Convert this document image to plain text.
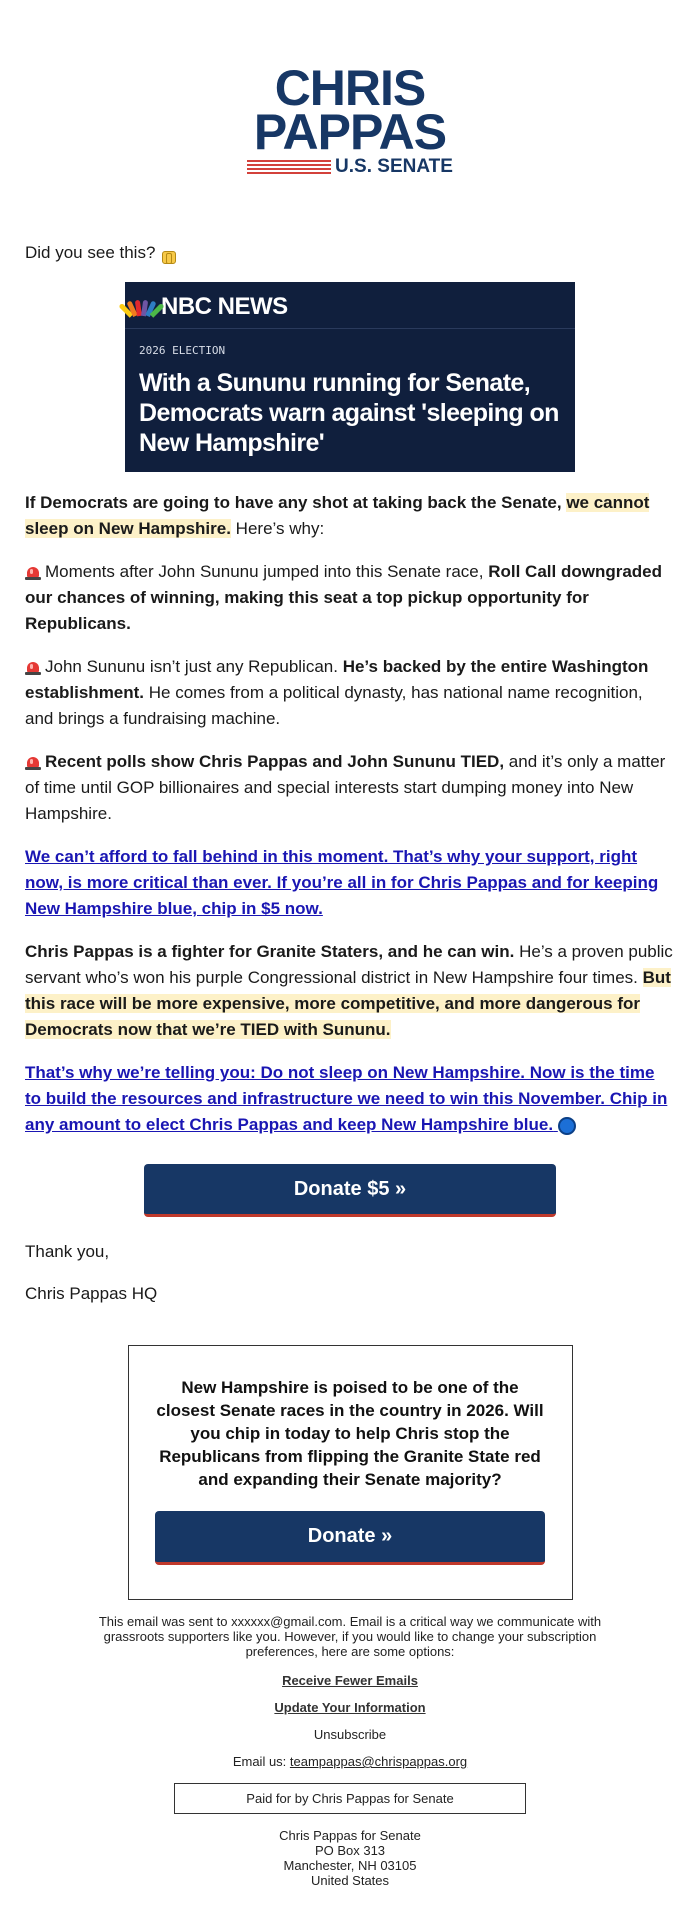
CHRIS
PAPPAS
U.S. SENATE

Did you see this?

NBC NEWS
2026 ELECTION
With a Sununu running for Senate, Democrats warn against 'sleeping on New Hampshire'

If Democrats are going to have any shot at taking back the Senate, we cannot sleep on New Hampshire. Here’s why:

Moments after John Sununu jumped into this Senate race, Roll Call downgraded our chances of winning, making this seat a top pickup opportunity for Republicans.

John Sununu isn’t just any Republican. He’s backed by the entire Washington establishment. He comes from a political dynasty, has national name recognition, and brings a fundraising machine.

Recent polls show Chris Pappas and John Sununu TIED, and it’s only a matter of time until GOP billionaires and special interests start dumping money into New Hampshire.

We can’t afford to fall behind in this moment. That’s why your support, right now, is more critical than ever. If you’re all in for Chris Pappas and for keeping New Hampshire blue, chip in $5 now.

Chris Pappas is a fighter for Granite Staters, and he can win. He’s a proven public servant who’s won his purple Congressional district in New Hampshire four times. But this race will be more expensive, more competitive, and more dangerous for Democrats now that we’re TIED with Sununu.

That’s why we’re telling you: Do not sleep on New Hampshire. Now is the time to build the resources and infrastructure we need to win this November. Chip in any amount to elect Chris Pappas and keep New Hampshire blue.

Donate $5 »

Thank you,

Chris Pappas HQ

New Hampshire is poised to be one of the closest Senate races in the country in 2026. Will you chip in today to help Chris stop the Republicans from flipping the Granite State red and expanding their Senate majority?
Donate »
This email was sent to xxxxxx@gmail.com. Email is a critical way we communicate with grassroots supporters like you. However, if you would like to change your subscription preferences, here are some options:
Receive Fewer Emails
Update Your Information
Unsubscribe
Email us: teampappas@chrispappas.org
Paid for by Chris Pappas for Senate
Chris Pappas for Senate
PO Box 313
Manchester, NH 03105
United States
